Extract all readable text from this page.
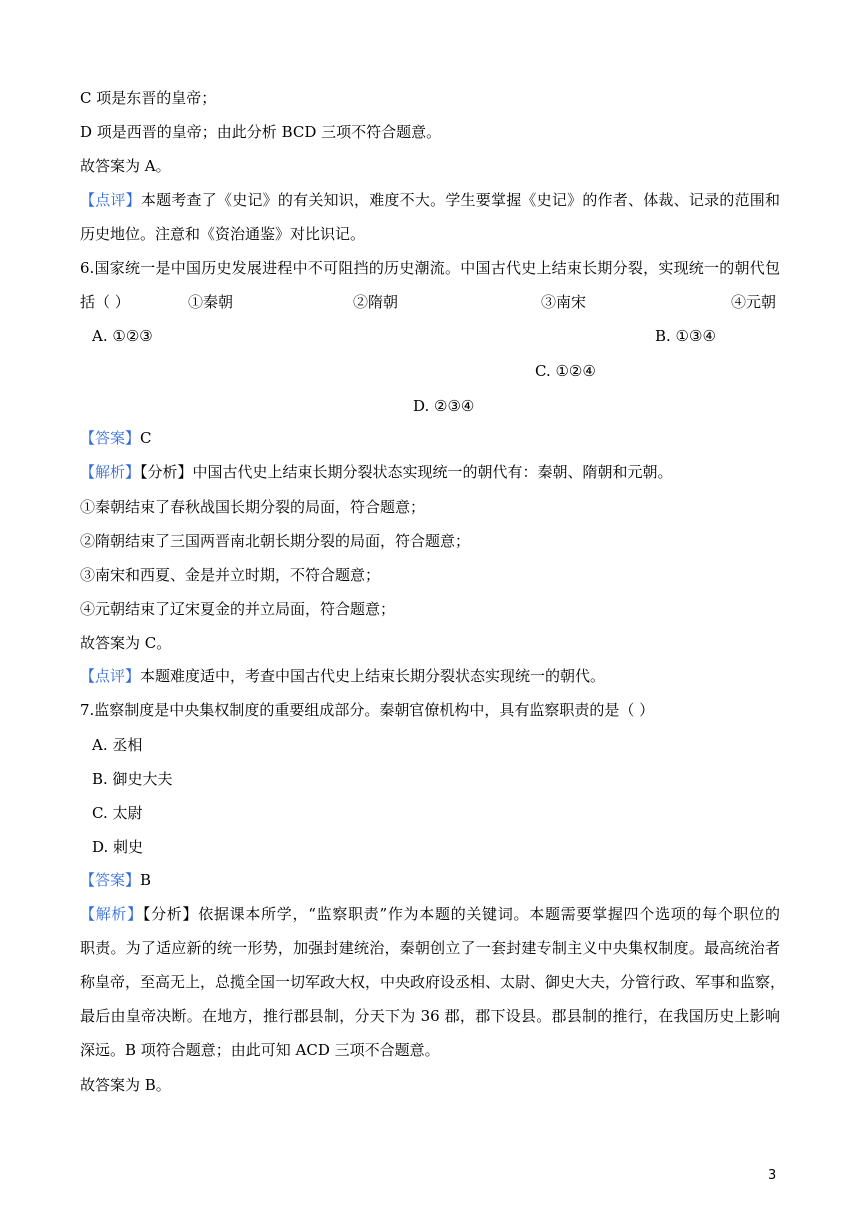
C 项是东晋的皇帝；
D 项是西晋的皇帝；由此分析 BCD 三项不符合题意。
故答案为 A。
【点评】本题考查了《史记》的有关知识，难度不大。学生要掌握《史记》的作者、体裁、记录的范围和
历史地位。注意和《资治通鉴》对比识记。
6.国家统一是中国历史发展进程中不可阻挡的历史潮流。中国古代史上结束长期分裂，实现统一的朝代包
括（ ）	①秦朝	②隋朝	③南宋	④元朝
A. ①②③	B. ①③④
C. ①②④
D. ②③④
【答案】C
【解析】【分析】中国古代史上结束长期分裂状态实现统一的朝代有：秦朝、隋朝和元朝。
①秦朝结束了春秋战国长期分裂的局面，符合题意；
②隋朝结束了三国两晋南北朝长期分裂的局面，符合题意；
③南宋和西夏、金是并立时期，不符合题意；
④元朝结束了辽宋夏金的并立局面，符合题意；
故答案为 C。
【点评】本题难度适中，考查中国古代史上结束长期分裂状态实现统一的朝代。
7.监察制度是中央集权制度的重要组成部分。秦朝官僚机构中，具有监察职责的是（ ）
A. 丞相
B. 御史大夫
C. 太尉
D. 刺史
【答案】B
【解析】【分析】依据课本所学，“监察职责”作为本题的关键词。本题需要掌握四个选项的每个职位的
职责。为了适应新的统一形势，加强封建统治，秦朝创立了一套封建专制主义中央集权制度。最高统治者
称皇帝，至高无上，总揽全国一切军政大权，中央政府设丞相、太尉、御史大夫，分管行政、军事和监察，
最后由皇帝决断。在地方，推行郡县制，分天下为 36 郡，郡下设县。郡县制的推行，在我国历史上影响
深远。B 项符合题意；由此可知 ACD 三项不合题意。
故答案为 B。
3
